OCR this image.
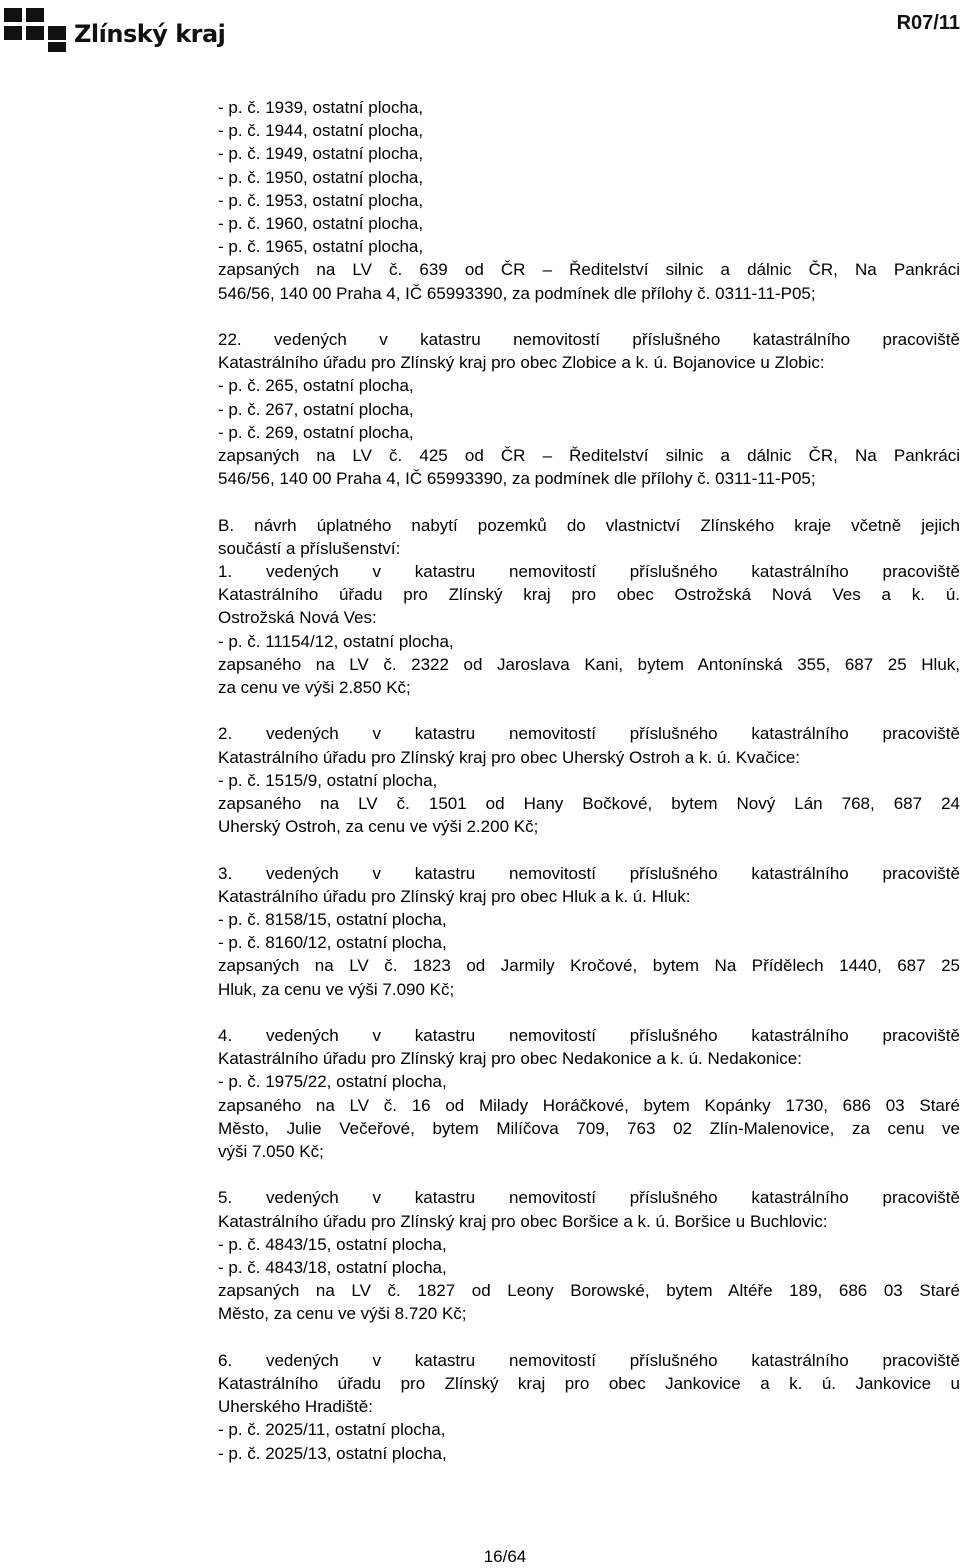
Zlínský kraj	R07/11
- p. č. 1939, ostatní plocha,
- p. č. 1944, ostatní plocha,
- p. č. 1949, ostatní plocha,
- p. č. 1950, ostatní plocha,
- p. č. 1953, ostatní plocha,
- p. č. 1960, ostatní plocha,
- p. č. 1965, ostatní plocha,
zapsaných na LV č. 639 od ČR – Ředitelství silnic a dálnic ČR, Na Pankráci
546/56, 140 00 Praha 4, IČ 65993390, za podmínek dle přílohy č. 0311-11-P05;
22. vedených v katastru nemovitostí příslušného katastrálního pracoviště
Katastrálního úřadu pro Zlínský kraj pro obec Zlobice a k. ú. Bojanovice u Zlobic:
- p. č. 265, ostatní plocha,
- p. č. 267, ostatní plocha,
- p. č. 269, ostatní plocha,
zapsaných na LV č. 425 od ČR – Ředitelství silnic a dálnic ČR, Na Pankráci
546/56, 140 00 Praha 4, IČ 65993390, za podmínek dle přílohy č. 0311-11-P05;
B. návrh úplatného nabytí pozemků do vlastnictví Zlínského kraje včetně jejich
součástí a příslušenství:
1. vedených v katastru nemovitostí příslušného katastrálního pracoviště
Katastrálního úřadu pro Zlínský kraj pro obec Ostrožská Nová Ves a k. ú.
Ostrožská Nová Ves:
- p. č. 11154/12, ostatní plocha,
zapsaného na LV č. 2322 od Jaroslava Kani, bytem Antonínská 355, 687 25 Hluk,
za cenu ve výši 2.850 Kč;
2. vedených v katastru nemovitostí příslušného katastrálního pracoviště
Katastrálního úřadu pro Zlínský kraj pro obec Uherský Ostroh a k. ú. Kvačice:
- p. č. 1515/9, ostatní plocha,
zapsaného na LV č. 1501 od Hany Bočkové, bytem Nový Lán 768, 687 24
Uherský Ostroh, za cenu ve výši 2.200 Kč;
3. vedených v katastru nemovitostí příslušného katastrálního pracoviště
Katastrálního úřadu pro Zlínský kraj pro obec Hluk a k. ú. Hluk:
- p. č. 8158/15, ostatní plocha,
- p. č. 8160/12, ostatní plocha,
zapsaných na LV č. 1823 od Jarmily Kročové, bytem Na Přídělech 1440, 687 25
Hluk, za cenu ve výši 7.090 Kč;
4. vedených v katastru nemovitostí příslušného katastrálního pracoviště
Katastrálního úřadu pro Zlínský kraj pro obec Nedakonice a k. ú. Nedakonice:
- p. č. 1975/22, ostatní plocha,
zapsaného na LV č. 16 od Milady Horáčkové, bytem Kopánky 1730, 686 03 Staré
Město, Julie Večeřové, bytem Milíčova 709, 763 02 Zlín-Malenovice, za cenu ve
výši 7.050 Kč;
5. vedených v katastru nemovitostí příslušného katastrálního pracoviště
Katastrálního úřadu pro Zlínský kraj pro obec Boršice a k. ú. Boršice u Buchlovic:
- p. č. 4843/15, ostatní plocha,
- p. č. 4843/18, ostatní plocha,
zapsaných na LV č. 1827 od Leony Borowské, bytem Altéře 189, 686 03 Staré
Město, za cenu ve výši 8.720 Kč;
6. vedených v katastru nemovitostí příslušného katastrálního pracoviště
Katastrálního úřadu pro Zlínský kraj pro obec Jankovice a k. ú. Jankovice u
Uherského Hradiště:
- p. č. 2025/11, ostatní plocha,
- p. č. 2025/13, ostatní plocha,
16/64
